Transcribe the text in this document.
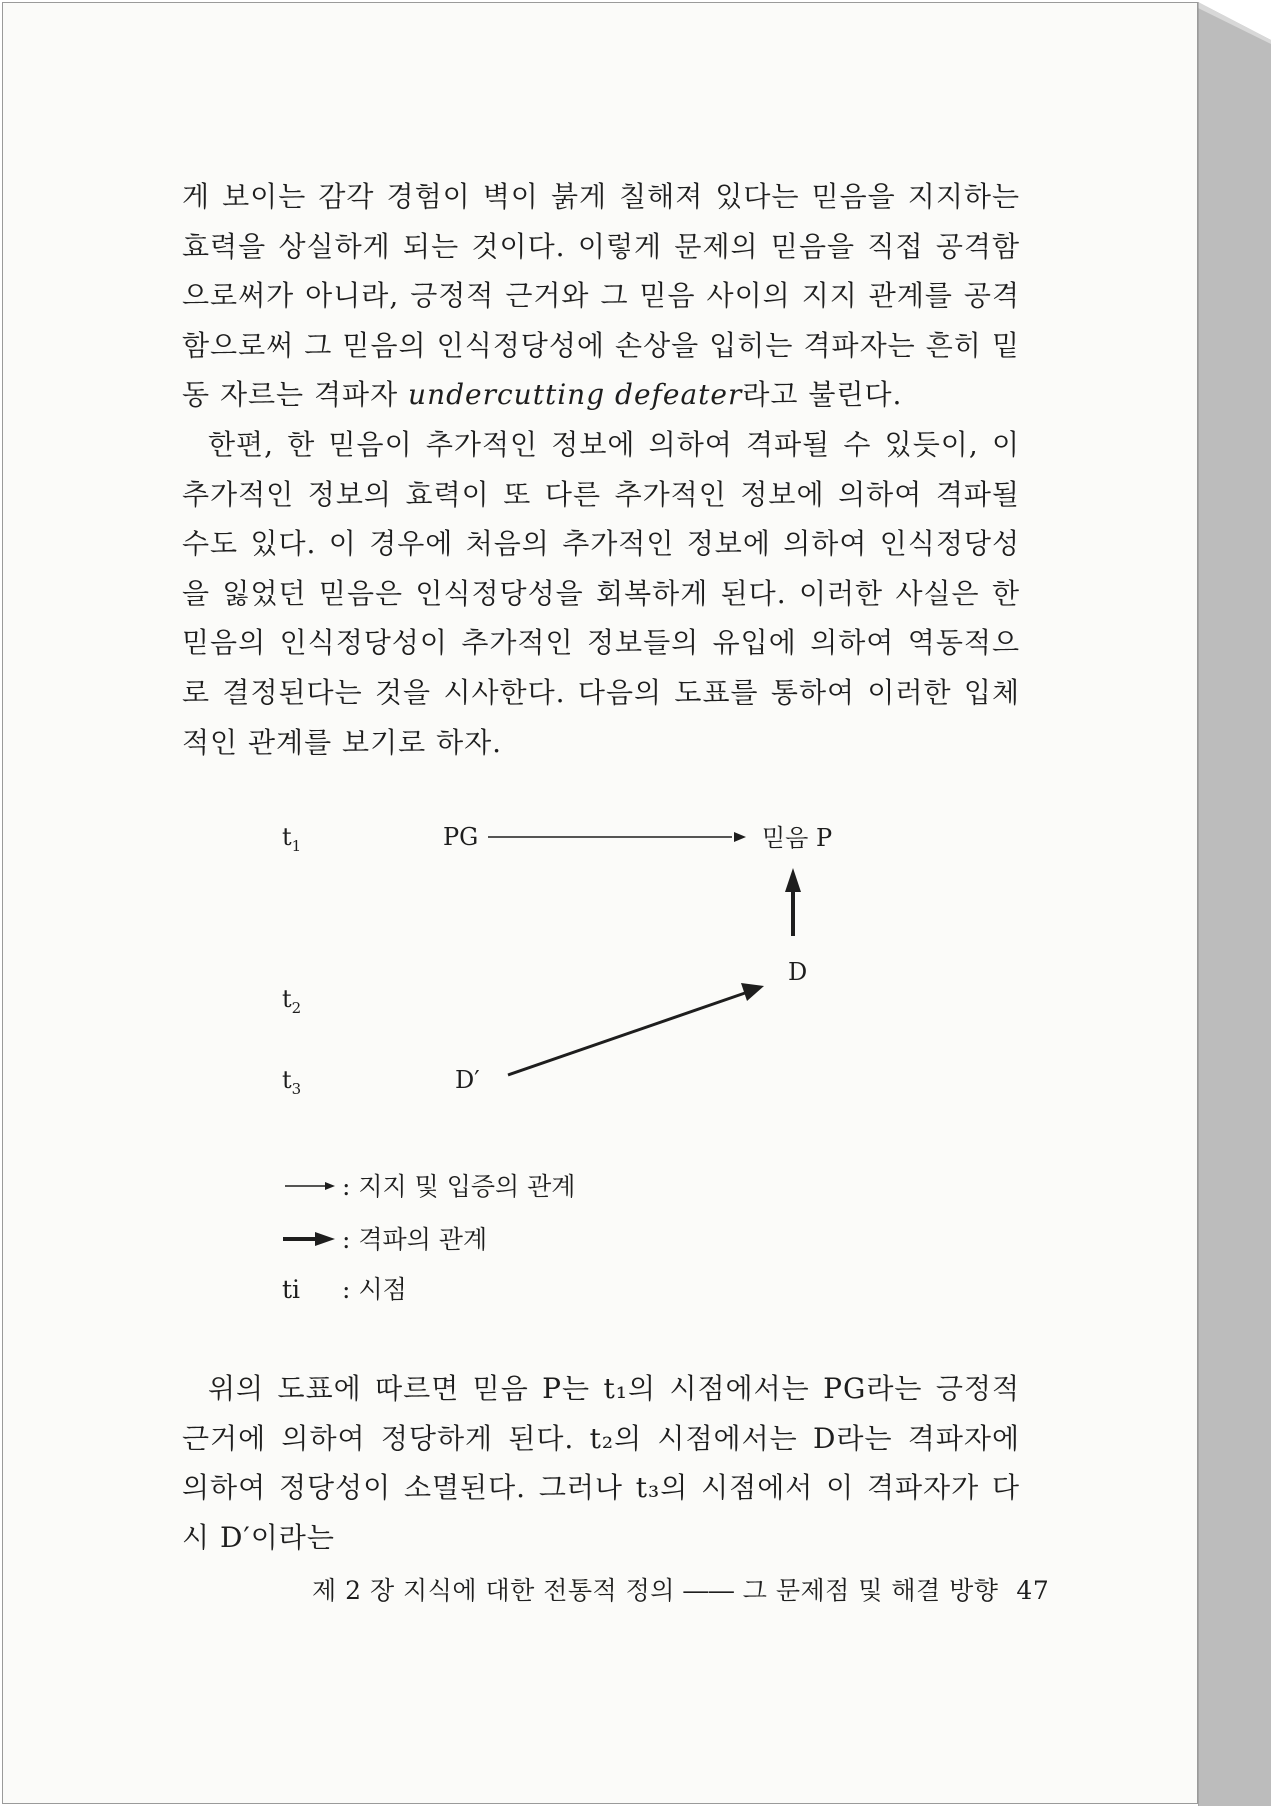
게 보이는 감각 경험이 벽이 붉게 칠해져 있다는 믿음을 지지하는 효력을 상실하게 되는 것이다. 이렇게 문제의 믿음을 직접 공격함으로써가 아니라, 긍정적 근거와 그 믿음 사이의 지지 관계를 공격함으로써 그 믿음의 인식정당성에 손상을 입히는 격파자는 흔히 밑동 자르는 격파자 undercutting defeater라고 불린다.

한편, 한 믿음이 추가적인 정보에 의하여 격파될 수 있듯이, 이 추가적인 정보의 효력이 또 다른 추가적인 정보에 의하여 격파될 수도 있다. 이 경우에 처음의 추가적인 정보에 의하여 인식정당성을 잃었던 믿음은 인식정당성을 회복하게 된다. 이러한 사실은 한 믿음의 인식정당성이 추가적인 정보들의 유입에 의하여 역동적으로 결정된다는 것을 시사한다. 다음의 도표를 통하여 이러한 입체적인 관계를 보기로 하자.

$t_1$
$t_2$
$t_3$
PG	믿음 P
D
D′
: 지지 및 입증의 관계
: 격파의 관계
ti : 시점

위의 도표에 따르면 믿음 P는 t₁의 시점에서는 PG라는 긍정적 근거에 의하여 정당하게 된다. t₂의 시점에서는 D라는 격파자에 의하여 정당성이 소멸된다. 그러나 t₃의 시점에서 이 격파자가 다시 D′이라는

제 2 장 지식에 대한 전통적 정의 ―― 그 문제점 및 해결 방향 47
